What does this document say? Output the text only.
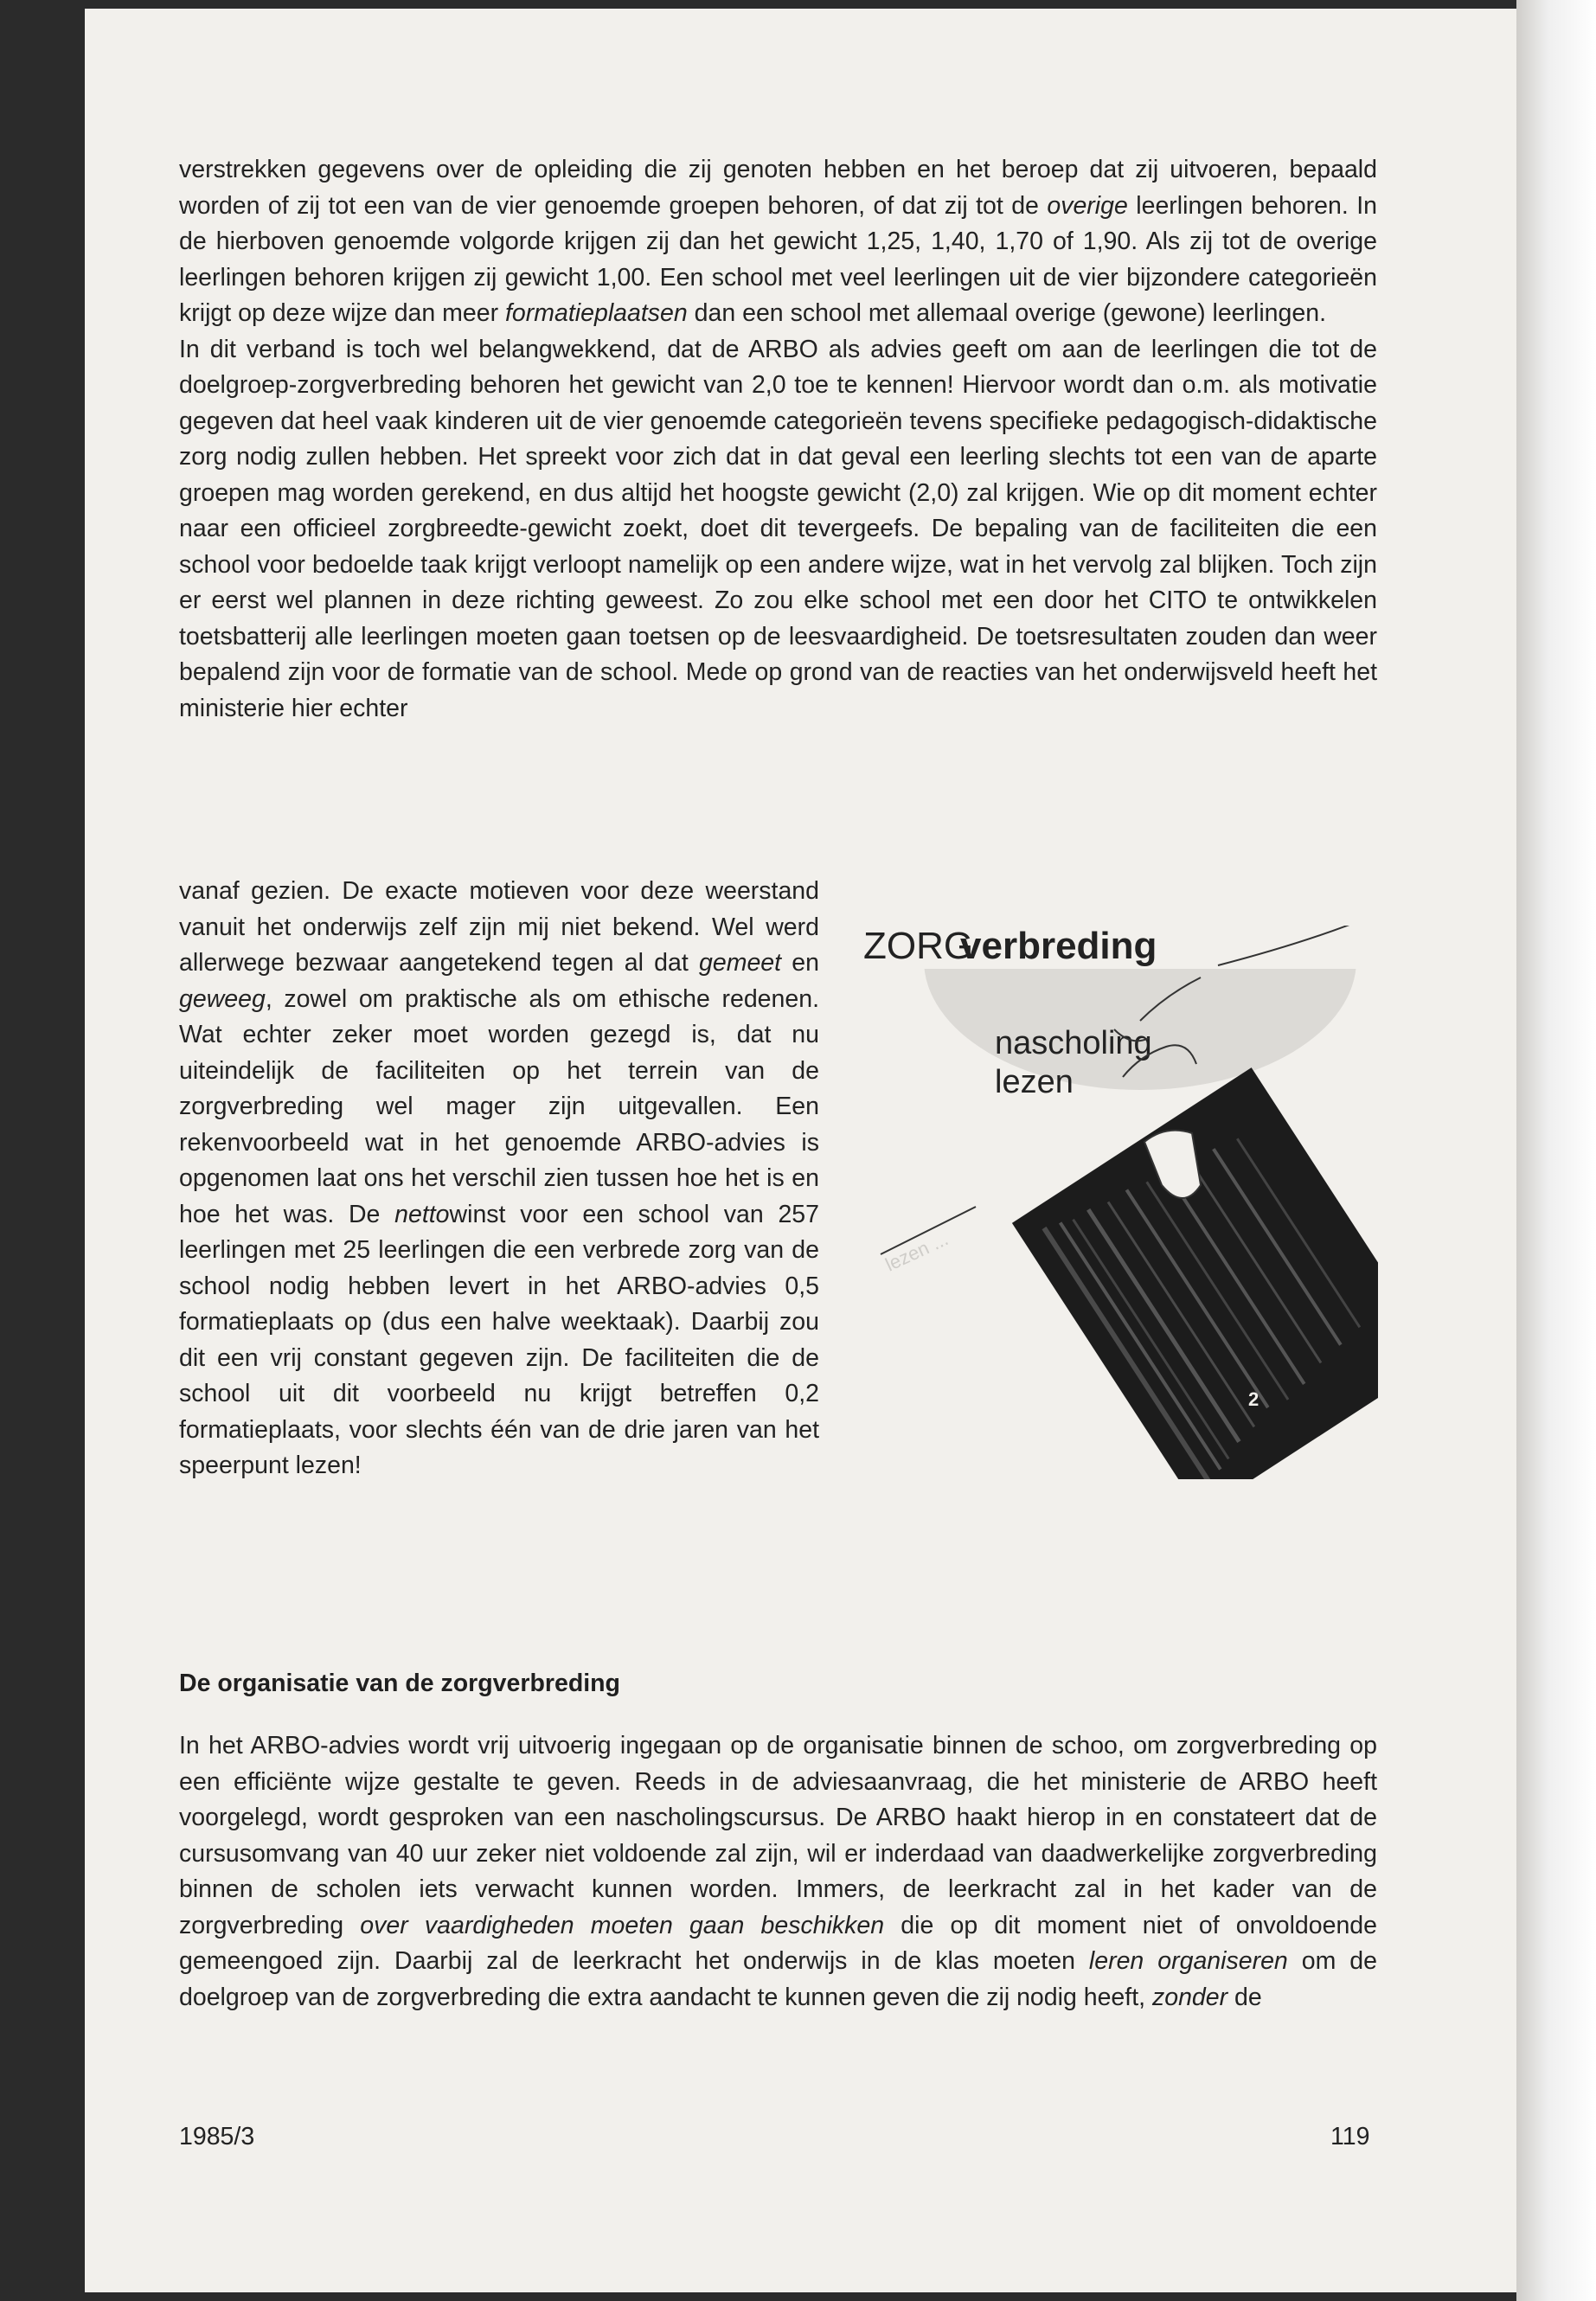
verstrekken gegevens over de opleiding die zij genoten hebben en het beroep dat zij uitvoeren, bepaald worden of zij tot een van de vier genoemde groepen behoren, of dat zij tot de overige leerlingen behoren. In de hierboven genoemde volgorde krijgen zij dan het gewicht 1,25, 1,40, 1,70 of 1,90. Als zij tot de overige leerlingen behoren krijgen zij gewicht 1,00. Een school met veel leerlingen uit de vier bijzondere categorieën krijgt op deze wijze dan meer formatieplaatsen dan een school met allemaal overige (gewone) leerlingen.
In dit verband is toch wel belangwekkend, dat de ARBO als advies geeft om aan de leerlingen die tot de doelgroep-zorgverbreding behoren het gewicht van 2,0 toe te kennen! Hiervoor wordt dan o.m. als motivatie gegeven dat heel vaak kinderen uit de vier genoemde categorieën tevens specifieke pedagogisch-didaktische zorg nodig zullen hebben. Het spreekt voor zich dat in dat geval een leerling slechts tot een van de aparte groepen mag worden gerekend, en dus altijd het hoogste gewicht (2,0) zal krijgen. Wie op dit moment echter naar een officieel zorgbreedte-gewicht zoekt, doet dit tevergeefs. De bepaling van de faciliteiten die een school voor bedoelde taak krijgt verloopt namelijk op een andere wijze, wat in het vervolg zal blijken. Toch zijn er eerst wel plannen in deze richting geweest. Zo zou elke school met een door het CITO te ontwikkelen toetsbatterij alle leerlingen moeten gaan toetsen op de leesvaardigheid. De toetsresultaten zouden dan weer bepalend zijn voor de formatie van de school. Mede op grond van de reacties van het onderwijsveld heeft het ministerie hier echter

vanaf gezien. De exacte motieven voor deze weerstand vanuit het onderwijs zelf zijn mij niet bekend. Wel werd allerwege bezwaar aangetekend tegen al dat gemeet en geweeg, zowel om praktische als om ethische redenen. Wat echter zeker moet worden gezegd is, dat nu uiteindelijk de faciliteiten op het terrein van de zorgverbreding wel mager zijn uitgevallen. Een rekenvoorbeeld wat in het genoemde ARBO-advies is opgenomen laat ons het verschil zien tussen hoe het is en hoe het was. De nettowinst voor een school van 257 leerlingen met 25 leerlingen die een verbrede zorg van de school nodig hebben levert in het ARBO-advies 0,5 formatieplaats op (dus een halve weektaak). Daarbij zou dit een vrij constant gegeven zijn. De faciliteiten die de school uit dit voorbeeld nu krijgt betreffen 0,2 formatieplaats, voor slechts één van de drie jaren van het speerpunt lezen!

ZORG
verbreding
nascholing
lezen
lezen ...
2

De organisatie van de zorgverbreding

In het ARBO-advies wordt vrij uitvoerig ingegaan op de organisatie binnen de schoo, om zorgverbreding op een efficiënte wijze gestalte te geven. Reeds in de adviesaanvraag, die het ministerie de ARBO heeft voorgelegd, wordt gesproken van een nascholingscursus. De ARBO haakt hierop in en constateert dat de cursusomvang van 40 uur zeker niet voldoende zal zijn, wil er inderdaad van daadwerkelijke zorgverbreding binnen de scholen iets verwacht kunnen worden. Immers, de leerkracht zal in het kader van de zorgverbreding over vaardigheden moeten gaan beschikken die op dit moment niet of onvoldoende gemeengoed zijn. Daarbij zal de leerkracht het onderwijs in de klas moeten leren organiseren om de doelgroep van de zorgverbreding die extra aandacht te kunnen geven die zij nodig heeft, zonder de

1985/3	119
